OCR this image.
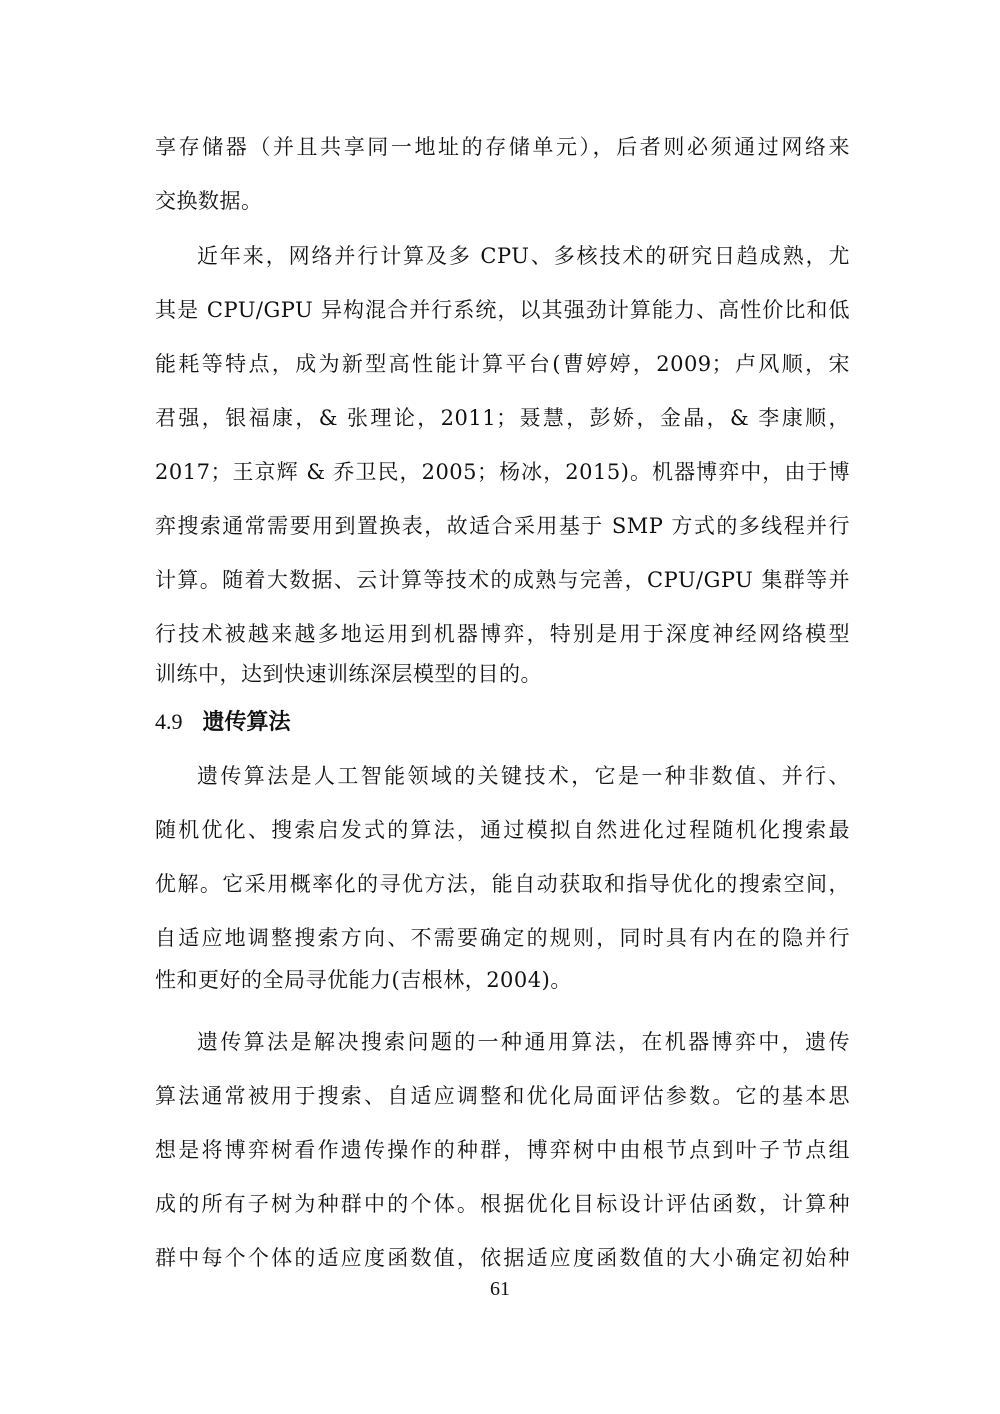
享存储器（并且共享同一地址的存储单元），后者则必须通过网络来
交换数据。
近年来，网络并行计算及多 CPU、多核技术的研究日趋成熟，尤
其是 CPU/GPU 异构混合并行系统，以其强劲计算能力、高性价比和低
能耗等特点，成为新型高性能计算平台(曹婷婷，2009；卢风顺，宋
君强，银福康，& 张理论，2011；聂慧，彭娇，金晶，& 李康顺，
2017；王京辉 & 乔卫民，2005；杨冰，2015)。机器博弈中，由于博
弈搜索通常需要用到置换表，故适合采用基于 SMP 方式的多线程并行
计算。随着大数据、云计算等技术的成熟与完善，CPU/GPU 集群等并
行技术被越来越多地运用到机器博弈，特别是用于深度神经网络模型
训练中，达到快速训练深层模型的目的。
4.9 遗传算法
遗传算法是人工智能领域的关键技术，它是一种非数值、并行、
随机优化、搜索启发式的算法，通过模拟自然进化过程随机化搜索最
优解。它采用概率化的寻优方法，能自动获取和指导优化的搜索空间，
自适应地调整搜索方向、不需要确定的规则，同时具有内在的隐并行
性和更好的全局寻优能力(吉根林，2004)。
遗传算法是解决搜索问题的一种通用算法，在机器博弈中，遗传
算法通常被用于搜索、自适应调整和优化局面评估参数。它的基本思
想是将博弈树看作遗传操作的种群，博弈树中由根节点到叶子节点组
成的所有子树为种群中的个体。根据优化目标设计评估函数，计算种
群中每个个体的适应度函数值，依据适应度函数值的大小确定初始种
61
